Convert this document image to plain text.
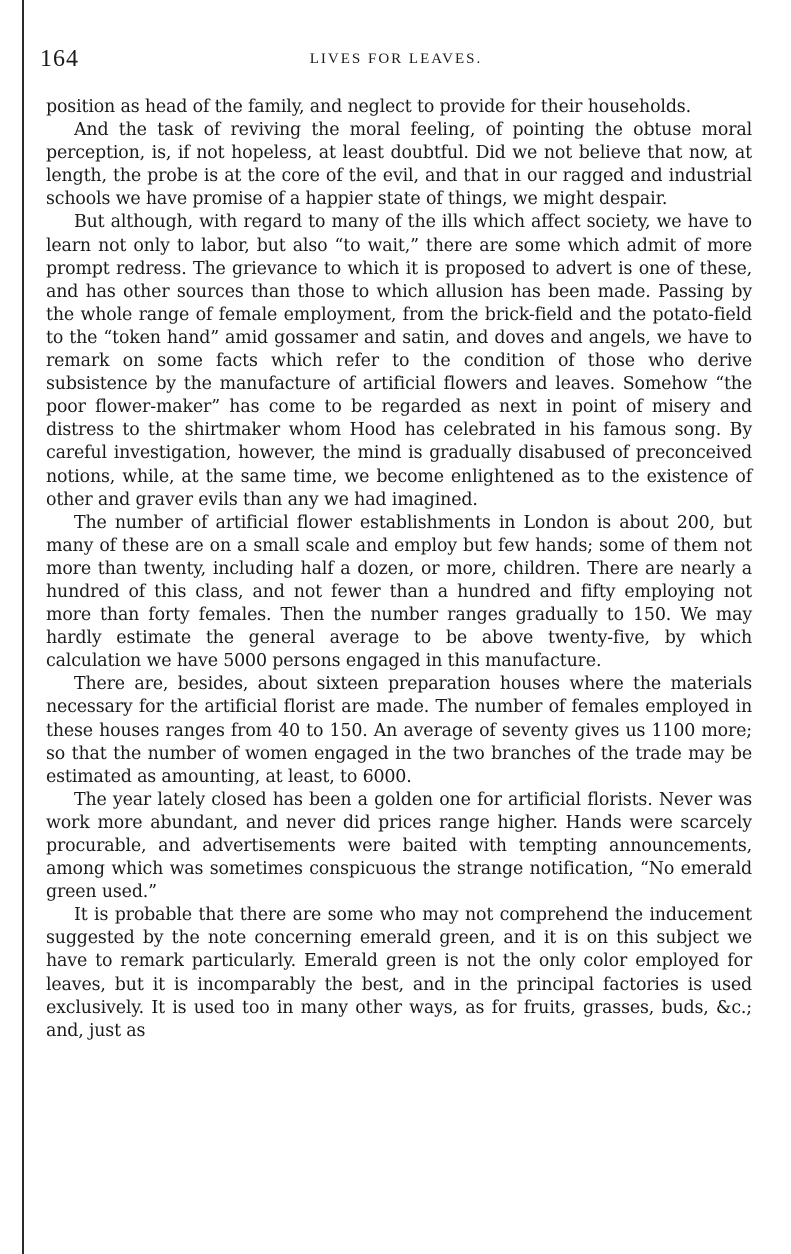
164	LIVES FOR LEAVES.

position as head of the family, and neglect to provide for their households.

And the task of reviving the moral feeling, of pointing the obtuse moral perception, is, if not hopeless, at least doubtful. Did we not believe that now, at length, the probe is at the core of the evil, and that in our ragged and industrial schools we have promise of a happier state of things, we might despair.

But although, with regard to many of the ills which affect society, we have to learn not only to labor, but also “to wait,” there are some which admit of more prompt redress. The grievance to which it is proposed to advert is one of these, and has other sources than those to which allusion has been made. Passing by the whole range of female employment, from the brick-field and the potato-field to the “token hand” amid gossamer and satin, and doves and angels, we have to remark on some facts which refer to the condition of those who derive subsistence by the manufacture of artificial flowers and leaves. Somehow “the poor flower-maker” has come to be regarded as next in point of misery and distress to the shirtmaker whom Hood has celebrated in his famous song. By careful investigation, however, the mind is gradually disabused of preconceived notions, while, at the same time, we become enlightened as to the existence of other and graver evils than any we had imagined.

The number of artificial flower establishments in London is about 200, but many of these are on a small scale and employ but few hands; some of them not more than twenty, including half a dozen, or more, children. There are nearly a hundred of this class, and not fewer than a hundred and fifty employing not more than forty females. Then the number ranges gradually to 150. We may hardly estimate the general average to be above twenty-five, by which calculation we have 5000 persons engaged in this manufacture.

There are, besides, about sixteen preparation houses where the materials necessary for the artificial florist are made. The number of females employed in these houses ranges from 40 to 150. An average of seventy gives us 1100 more; so that the number of women engaged in the two branches of the trade may be estimated as amounting, at least, to 6000.

The year lately closed has been a golden one for artificial florists. Never was work more abundant, and never did prices range higher. Hands were scarcely procurable, and advertisements were baited with tempting announcements, among which was sometimes conspicuous the strange notification, “No emerald green used.”

It is probable that there are some who may not comprehend the inducement suggested by the note concerning emerald green, and it is on this subject we have to remark particularly. Emerald green is not the only color employed for leaves, but it is incomparably the best, and in the principal factories is used exclusively. It is used too in many other ways, as for fruits, grasses, buds, &c.; and, just as
